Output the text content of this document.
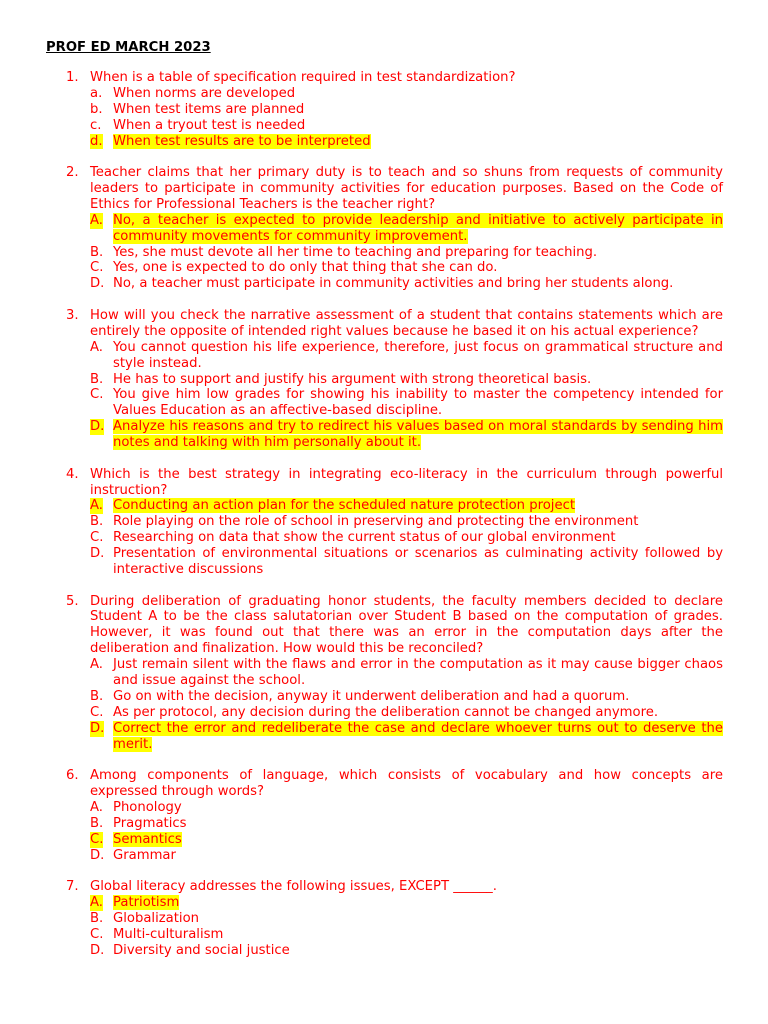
PROF ED MARCH 2023
1. When is a table of specification required in test standardization?
a. When norms are developed
b. When test items are planned
c. When a tryout test is needed
d. When test results are to be interpreted
2. Teacher claims that her primary duty is to teach and so shuns from requests of community leaders to participate in community activities for education purposes. Based on the Code of Ethics for Professional Teachers is the teacher right?
A. No, a teacher is expected to provide leadership and initiative to actively participate in community movements for community improvement.
B. Yes, she must devote all her time to teaching and preparing for teaching.
C. Yes, one is expected to do only that thing that she can do.
D. No, a teacher must participate in community activities and bring her students along.
3. How will you check the narrative assessment of a student that contains statements which are entirely the opposite of intended right values because he based it on his actual experience?
A. You cannot question his life experience, therefore, just focus on grammatical structure and style instead.
B. He has to support and justify his argument with strong theoretical basis.
C. You give him low grades for showing his inability to master the competency intended for Values Education as an affective-based discipline.
D. Analyze his reasons and try to redirect his values based on moral standards by sending him notes and talking with him personally about it.
4. Which is the best strategy in integrating eco-literacy in the curriculum through powerful instruction?
A. Conducting an action plan for the scheduled nature protection project
B. Role playing on the role of school in preserving and protecting the environment
C. Researching on data that show the current status of our global environment
D. Presentation of environmental situations or scenarios as culminating activity followed by interactive discussions
5. During deliberation of graduating honor students, the faculty members decided to declare Student A to be the class salutatorian over Student B based on the computation of grades. However, it was found out that there was an error in the computation days after the deliberation and finalization. How would this be reconciled?
A. Just remain silent with the flaws and error in the computation as it may cause bigger chaos and issue against the school.
B. Go on with the decision, anyway it underwent deliberation and had a quorum.
C. As per protocol, any decision during the deliberation cannot be changed anymore.
D. Correct the error and redeliberate the case and declare whoever turns out to deserve the merit.
6. Among components of language, which consists of vocabulary and how concepts are expressed through words?
A. Phonology
B. Pragmatics
C. Semantics
D. Grammar
7. Global literacy addresses the following issues, EXCEPT ______.
A. Patriotism
B. Globalization
C. Multi-culturalism
D. Diversity and social justice
